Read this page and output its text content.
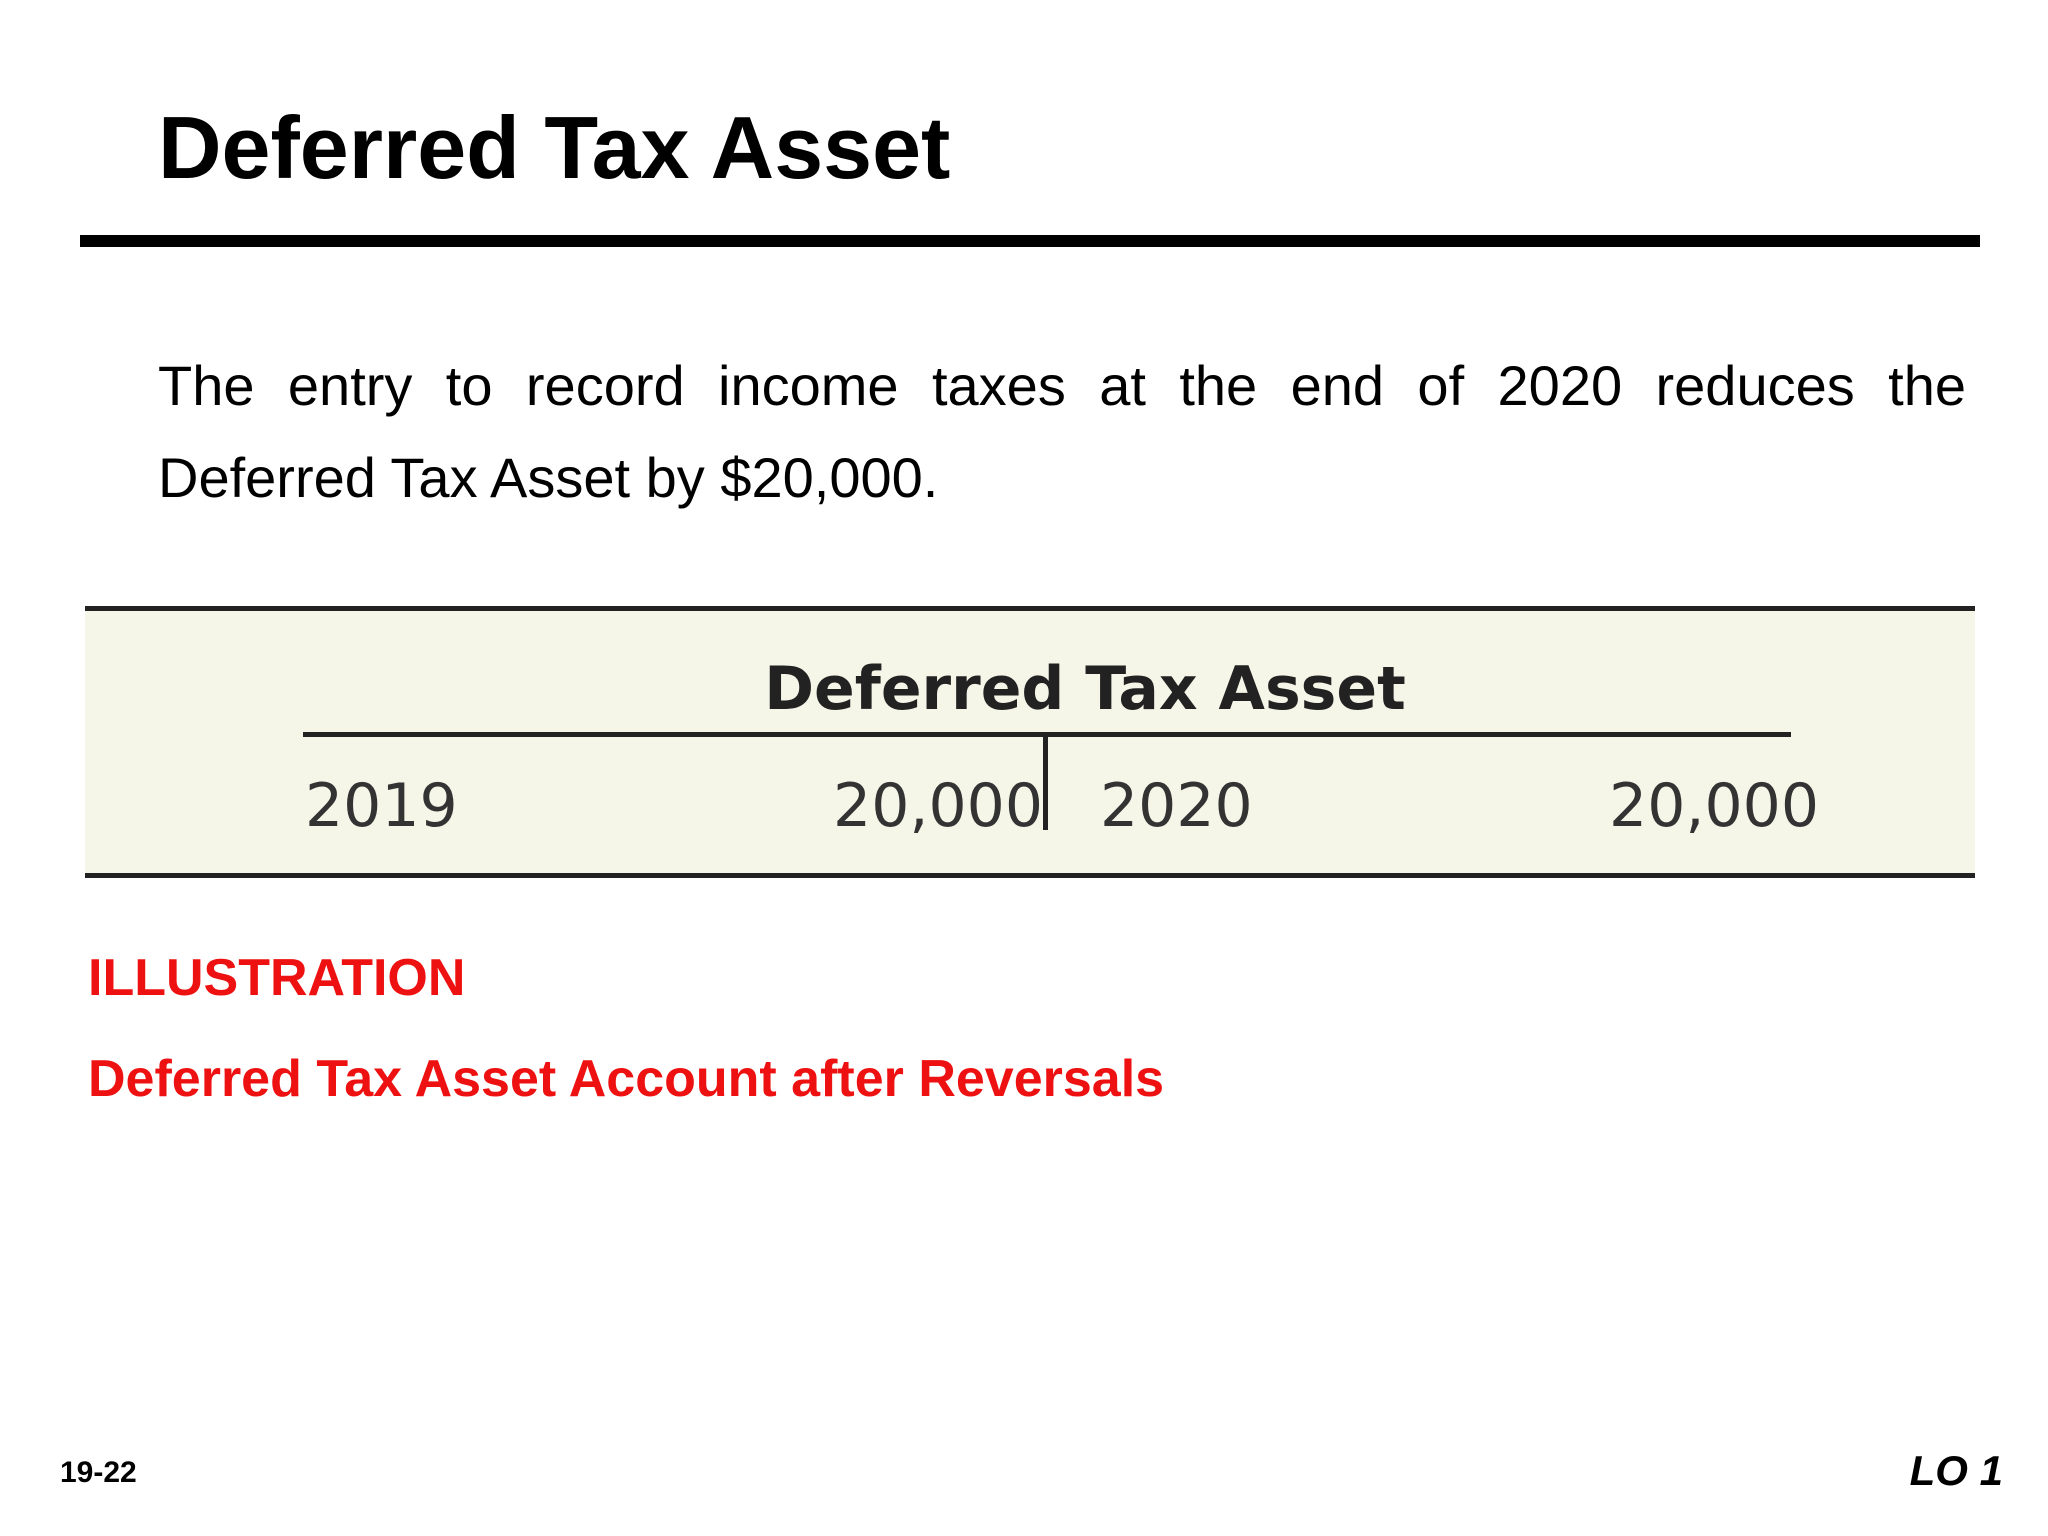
Deferred Tax Asset

The entry to record income taxes at the end of 2020 reduces the Deferred Tax Asset by $20,000.

Deferred Tax Asset
2019	20,000 2020	20,000
ILLUSTRATION
Deferred Tax Asset Account after Reversals
19-22	LO 1
